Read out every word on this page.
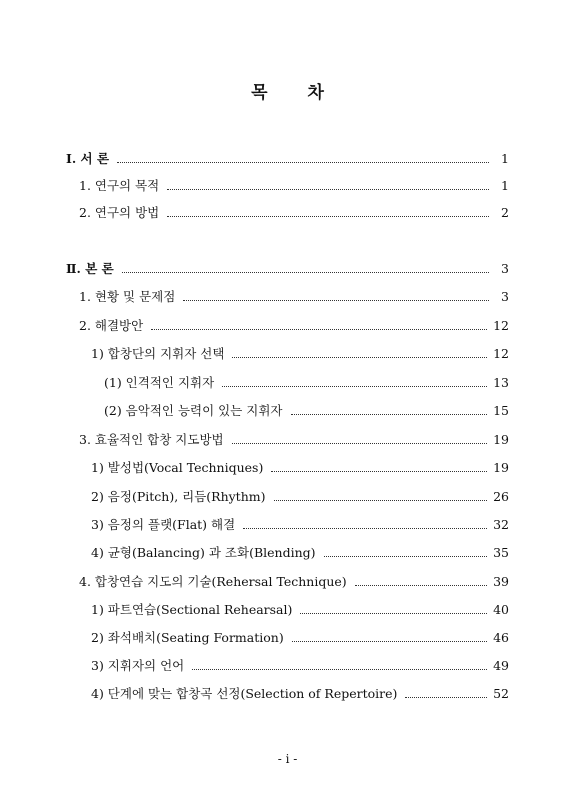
목 차
Ⅰ. 서 론	1
1. 연구의 목적	1
2. 연구의 방법	2
Ⅱ. 본 론	3
1. 현황 및 문제점	3
2. 해결방안	12
1) 합창단의 지휘자 선택	12
(1) 인격적인 지휘자	13
(2) 음악적인 능력이 있는 지휘자	15
3. 효율적인 합창 지도방법	19
1) 발성법(Vocal Techniques)	19
2) 음정(Pitch), 리듬(Rhythm)	26
3) 음정의 플랫(Flat) 해결	32
4) 균형(Balancing) 과 조화(Blending)	35
4. 합창연습 지도의 기술(Rehersal Technique)	39
1) 파트연습(Sectional Rehearsal)	40
2) 좌석배치(Seating Formation)	46
3) 지휘자의 언어	49
4) 단계에 맞는 합창곡 선정(Selection of Repertoire)	52
- i -
